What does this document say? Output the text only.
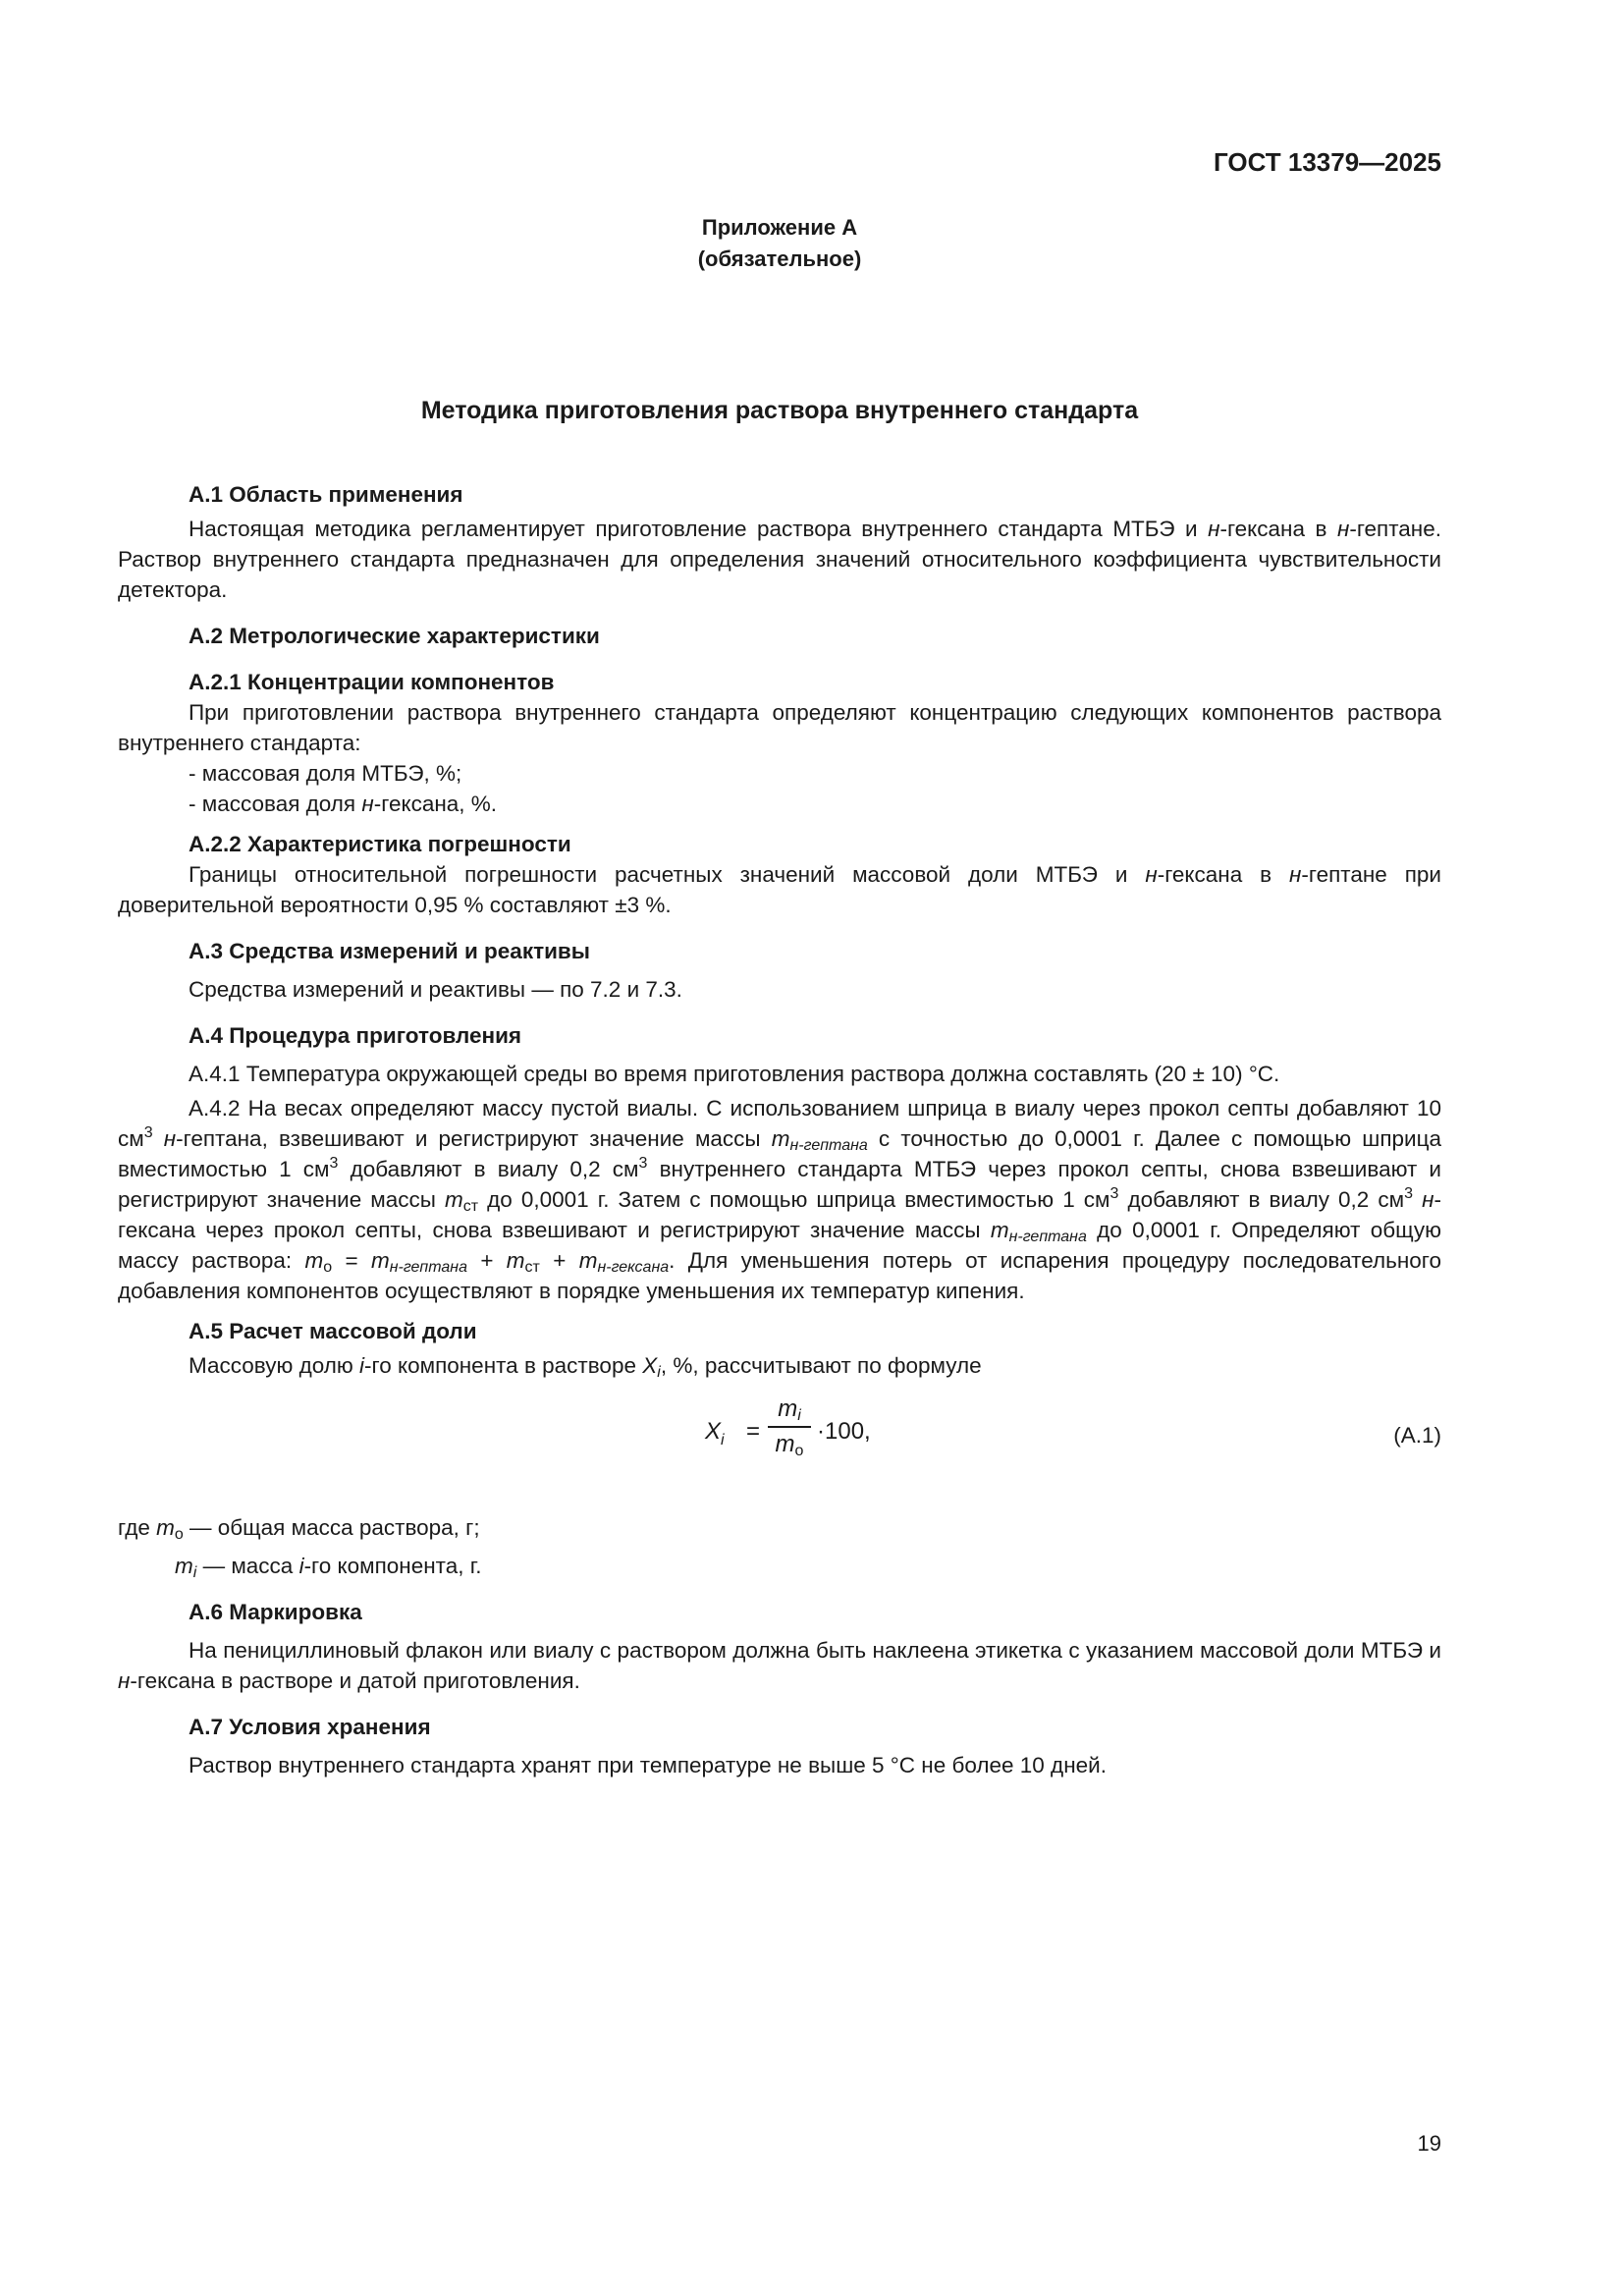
ГОСТ 13379—2025
Приложение А
(обязательное)
Методика приготовления раствора внутреннего стандарта
А.1 Область применения

Настоящая методика регламентирует приготовление раствора внутреннего стандарта МТБЭ и н-гексана в н-гептане. Раствор внутреннего стандарта предназначен для определения значений относительного коэффициента чувствительности детектора.

А.2 Метрологические характеристики
А.2.1 Концентрации компонентов

При приготовлении раствора внутреннего стандарта определяют концентрацию следующих компонентов раствора внутреннего стандарта:

- массовая доля МТБЭ, %;
- массовая доля н-гексана, %.
А.2.2 Характеристика погрешности

Границы относительной погрешности расчетных значений массовой доли МТБЭ и н-гексана в н-гептане при доверительной вероятности 0,95 % составляют ±3 %.

А.3 Средства измерений и реактивы

Средства измерений и реактивы — по 7.2 и 7.3.

А.4 Процедура приготовления

А.4.1 Температура окружающей среды во время приготовления раствора должна составлять (20 ± 10) °С.

А.4.2 На весах определяют массу пустой виалы. С использованием шприца в виалу через прокол септы добавляют 10 $см^3$ н-гептана, взвешивают и регистрируют значение массы $m_{н-гептана}$ с точностью до 0,0001 г. Далее с помощью шприца вместимостью 1 $см^3$ добавляют в виалу 0,2 $см^3$ внутреннего стандарта МТБЭ через прокол септы, снова взвешивают и регистрируют значение массы $m_{ст}$ до 0,0001 г. Затем с помощью шприца вместимостью 1 $см^3$ добавляют в виалу 0,2 $см^3$ н-гексана через прокол септы, снова взвешивают и регистрируют значение массы $m_{н-гептана}$ до 0,0001 г. Определяют общую массу раствора: $m_о = m_{н-гептана} + m_{ст} + m_{н-гексана}$. Для уменьшения потерь от испарения процедуру последовательного добавления компонентов осуществляют в порядке уменьшения их температур кипения.

А.5 Расчет массовой доли

Массовую долю i-го компонента в растворе $X_i$, %, рассчитывают по формуле

$X_i$ =
$m_i$
$m_о$
·100,	(А.1)

где $m_о$ — общая масса раствора, г;

$m_i$ — масса i-го компонента, г.

А.6 Маркировка

На пенициллиновый флакон или виалу с раствором должна быть наклеена этикетка с указанием массовой доли МТБЭ и н-гексана в растворе и датой приготовления.

А.7 Условия хранения

Раствор внутреннего стандарта хранят при температуре не выше 5 °С не более 10 дней.

19
